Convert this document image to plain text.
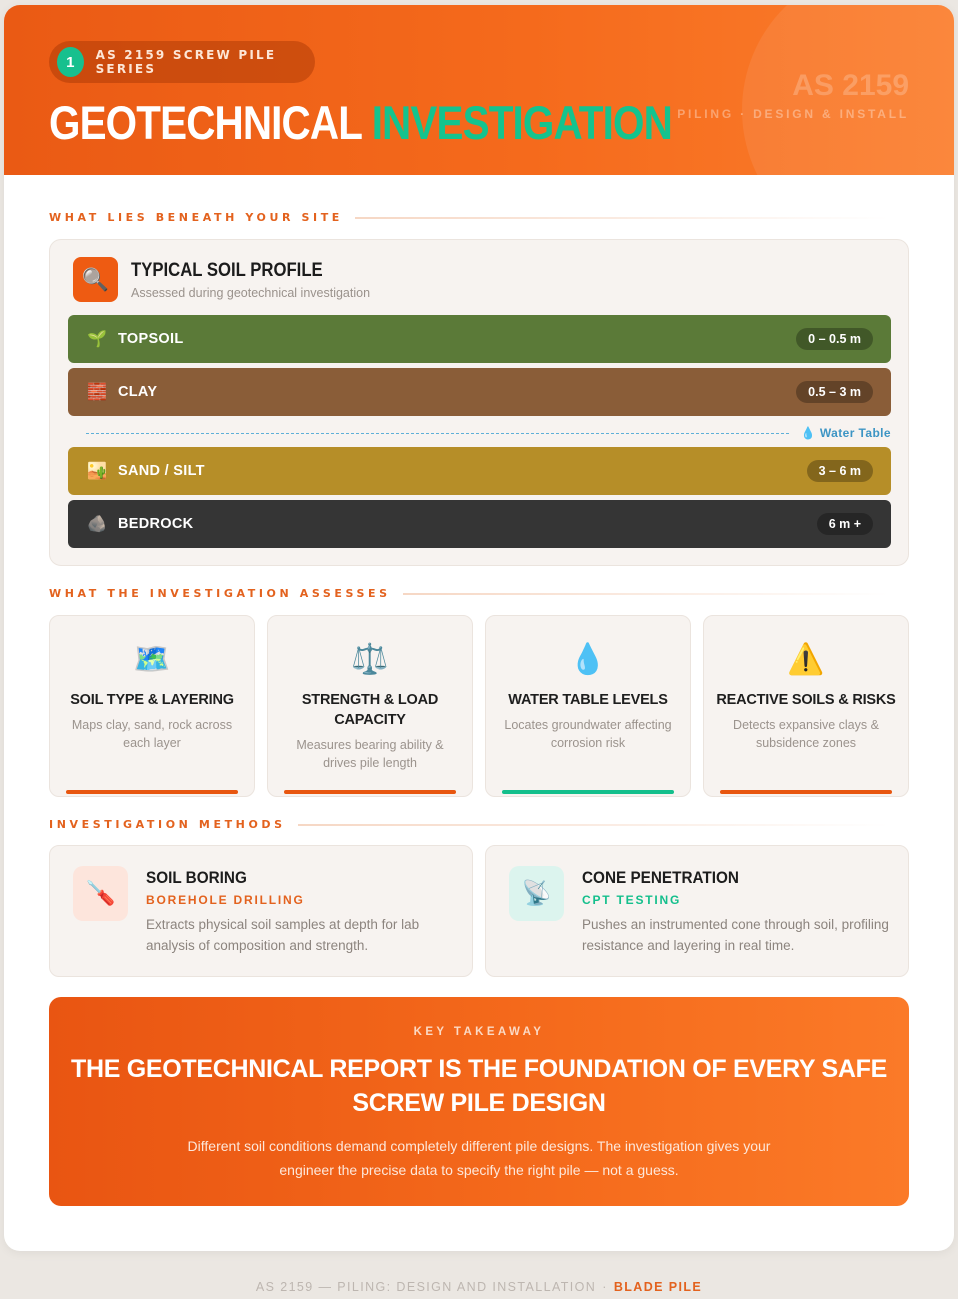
1	AS 2159 SCREW PILE SERIES
GEOTECHNICAL INVESTIGATION
AS 2159
PILING · DESIGN & INSTALL
WHAT LIES BENEATH YOUR SITE
🔍	TYPICAL SOIL PROFILE
Assessed during geotechnical investigation
🌱 TOPSOIL	0 – 0.5 m
🧱 CLAY	0.5 – 3 m
💧 Water Table
🏜️ SAND / SILT	3 – 6 m
🪨 BEDROCK	6 m +
WHAT THE INVESTIGATION ASSESSES
🗺️
SOIL TYPE & LAYERING
Maps clay, sand, rock across each layer
⚖️
STRENGTH & LOAD CAPACITY
Measures bearing ability & drives pile length
💧
WATER TABLE LEVELS
Locates groundwater affecting corrosion risk
⚠️
REACTIVE SOILS & RISKS
Detects expansive clays & subsidence zones
INVESTIGATION METHODS
🪛
SOIL BORING
BOREHOLE DRILLING
Extracts physical soil samples at depth for lab analysis of composition and strength.
📡
CONE PENETRATION
CPT TESTING
Pushes an instrumented cone through soil, profiling resistance and layering in real time.
KEY TAKEAWAY
THE GEOTECHNICAL REPORT IS THE FOUNDATION OF EVERY SAFE SCREW PILE DESIGN
Different soil conditions demand completely different pile designs. The investigation gives your engineer the precise data to specify the right pile — not a guess.
AS 2159 — PILING: DESIGN AND INSTALLATION · BLADE PILE
